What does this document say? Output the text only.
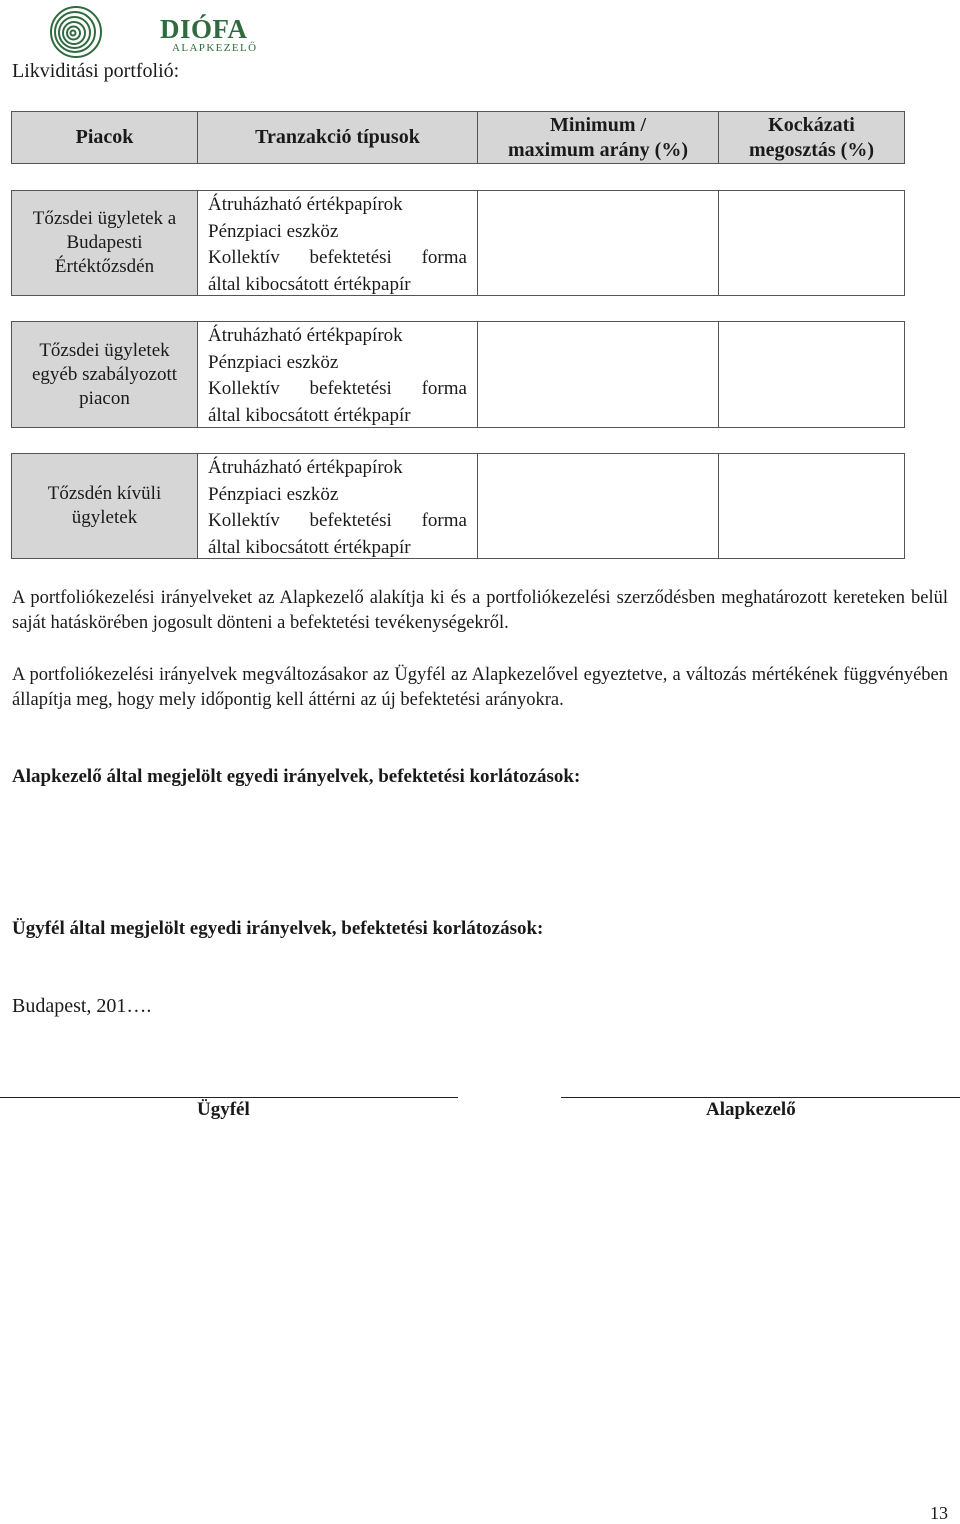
DIÓFA
ALAPKEZELŐ
Likviditási portfolió:
Piacok	Tranzakció típusok
Minimum /
maximum arány (%)
Kockázati
megosztás (%)
Tőzsdei ügyletek a Budapesti Értéktőzsdén
Átruházható értékpapírok
Pénzpiaci eszköz
Kollektív befektetési forma
által kibocsátott értékpapír
Tőzsdei ügyletek egyéb szabályozott piacon
Átruházható értékpapírok
Pénzpiaci eszköz
Kollektív befektetési forma
által kibocsátott értékpapír
Tőzsdén kívüli ügyletek
Átruházható értékpapírok
Pénzpiaci eszköz
Kollektív befektetési forma
által kibocsátott értékpapír
A portfoliókezelési irányelveket az Alapkezelő alakítja ki és a portfoliókezelési szerződésben meghatározott kereteken belül saját hatáskörében jogosult dönteni a befektetési tevékenységekről.
A portfoliókezelési irányelvek megváltozásakor az Ügyfél az Alapkezelővel egyeztetve, a változás mértékének függvényében állapítja meg, hogy mely időpontig kell áttérni az új befektetési arányokra.
Alapkezelő által megjelölt egyedi irányelvek, befektetési korlátozások:
Ügyfél által megjelölt egyedi irányelvek, befektetési korlátozások:
Budapest, 201….
Ügyfél	Alapkezelő
13
